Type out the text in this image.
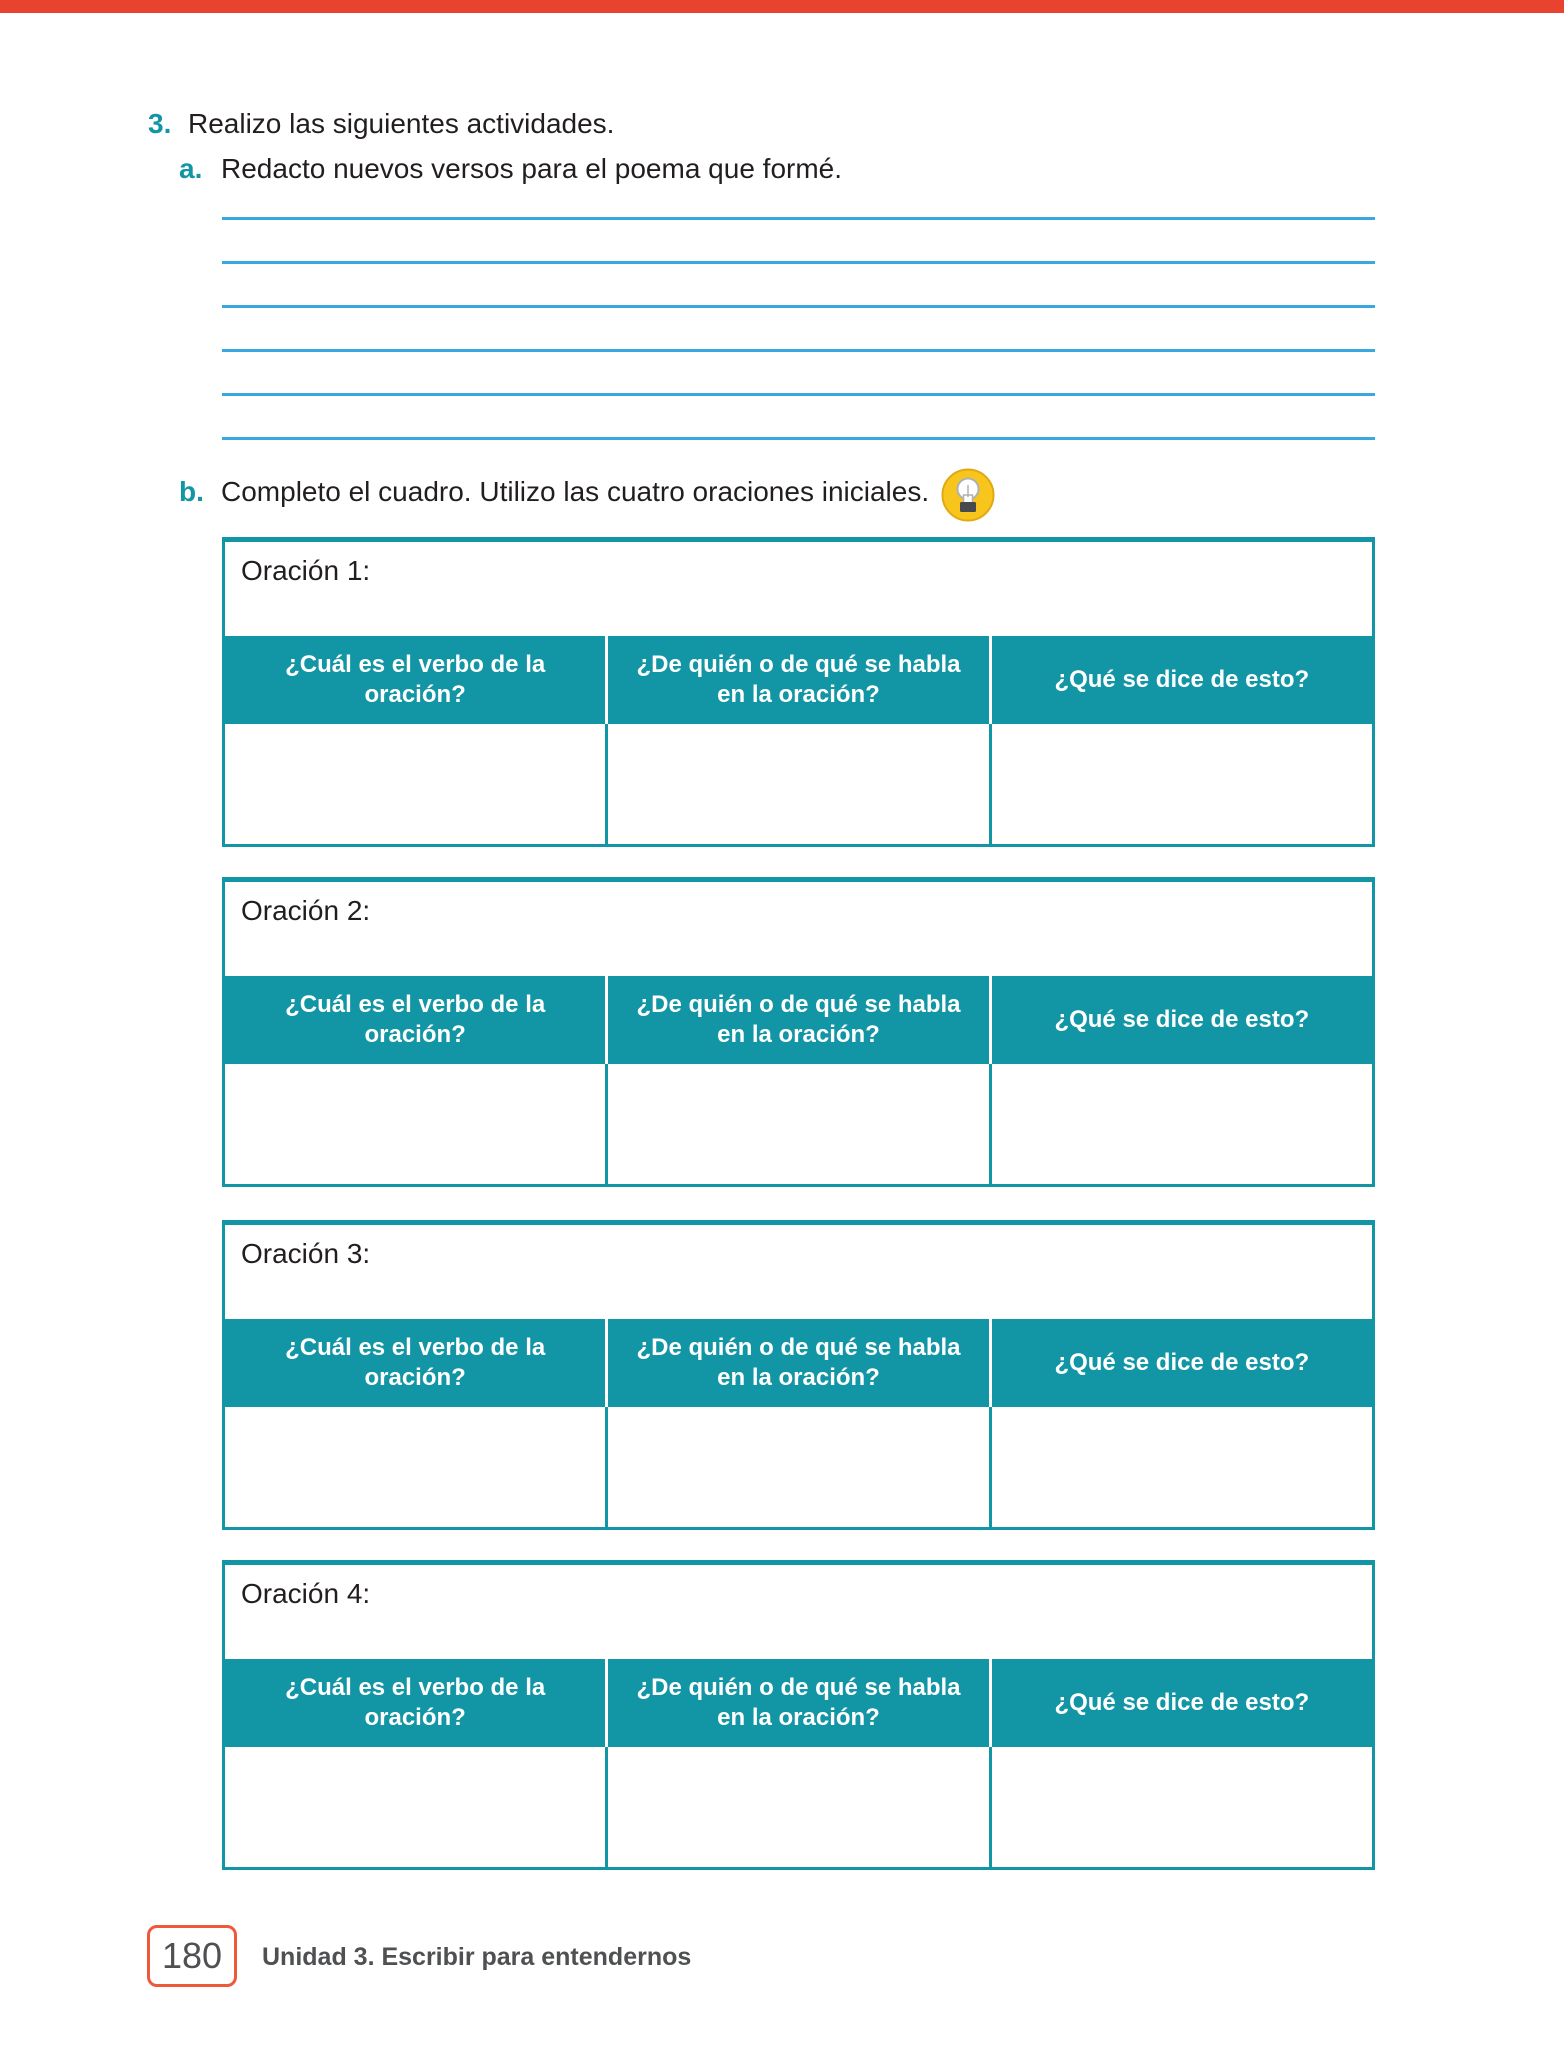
3. Realizo las siguientes actividades.
a. Redacto nuevos versos para el poema que formé.
b. Completo el cuadro. Utilizo las cuatro oraciones iniciales.
Oración 1:
¿Cuál es el verbo de la oración?
¿De quién o de qué se habla en la oración?
¿Qué se dice de esto?
Oración 2:
¿Cuál es el verbo de la oración?
¿De quién o de qué se habla en la oración?
¿Qué se dice de esto?
Oración 3:
¿Cuál es el verbo de la oración?
¿De quién o de qué se habla en la oración?
¿Qué se dice de esto?
Oración 4:
¿Cuál es el verbo de la oración?
¿De quién o de qué se habla en la oración?
¿Qué se dice de esto?
180 Unidad 3. Escribir para entendernos
